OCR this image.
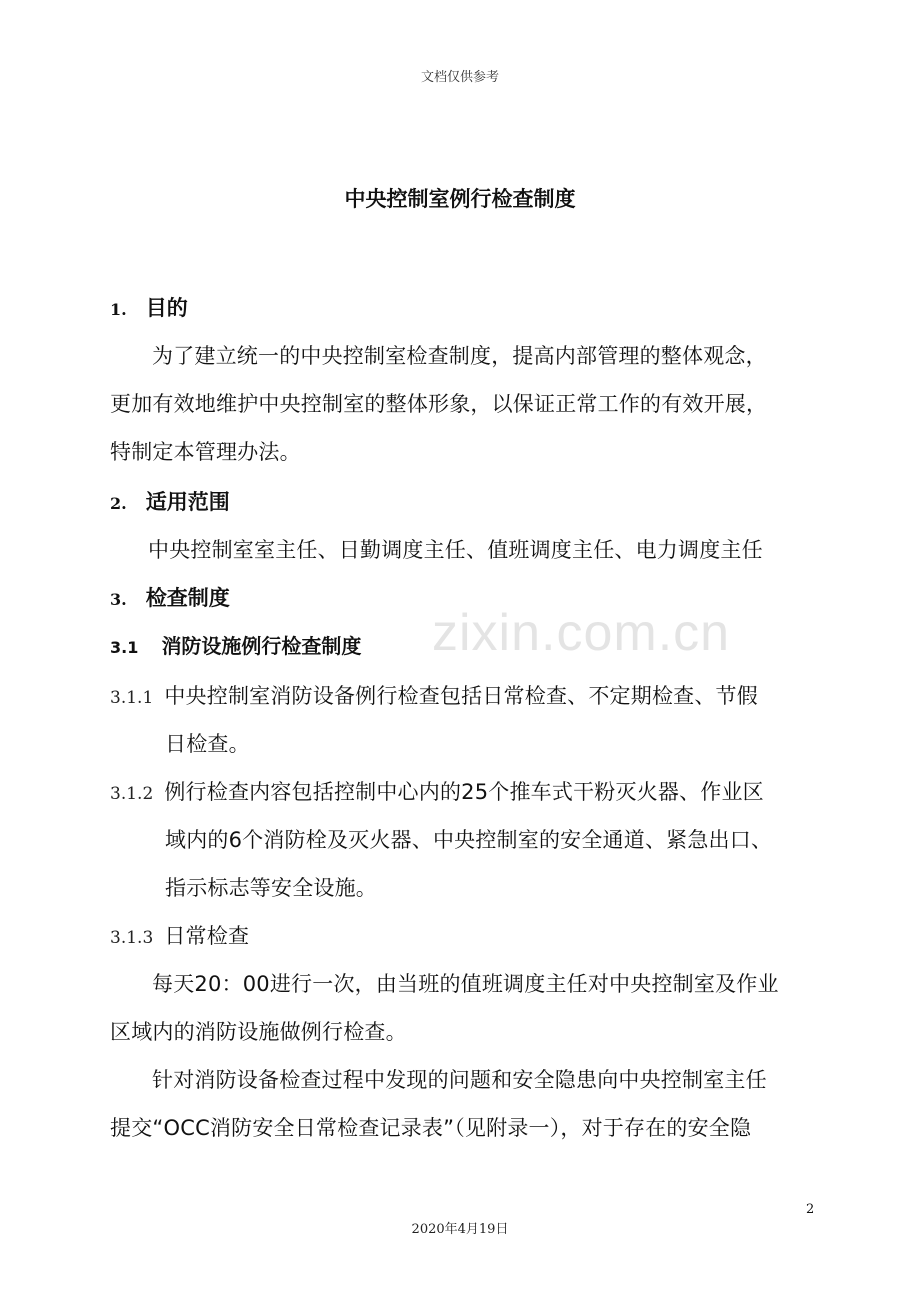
文档仅供参考
中央控制室例行检查制度
zixin.com.cn
1. 目的
为了建立统一的中央控制室检查制度，提高内部管理的整体观念，
更加有效地维护中央控制室的整体形象，以保证正常工作的有效开展，
特制定本管理办法。
2. 适用范围
中央控制室室主任、日勤调度主任、值班调度主任、电力调度主任
3. 检查制度
3.1 消防设施例行检查制度
3.1.1 中央控制室消防设备例行检查包括日常检查、不定期检查、节假
日检查。
3.1.2 例行检查内容包括控制中心内的25个推车式干粉灭火器、作业区
域内的6个消防栓及灭火器、中央控制室的安全通道、紧急出口、
指示标志等安全设施。
3.1.3 日常检查
每天20：00进行一次，由当班的值班调度主任对中央控制室及作业
区域内的消防设施做例行检查。
针对消防设备检查过程中发现的问题和安全隐患向中央控制室主任
提交“OCC消防安全日常检查记录表”（见附录一），对于存在的安全隐
2
2020年4月19日
